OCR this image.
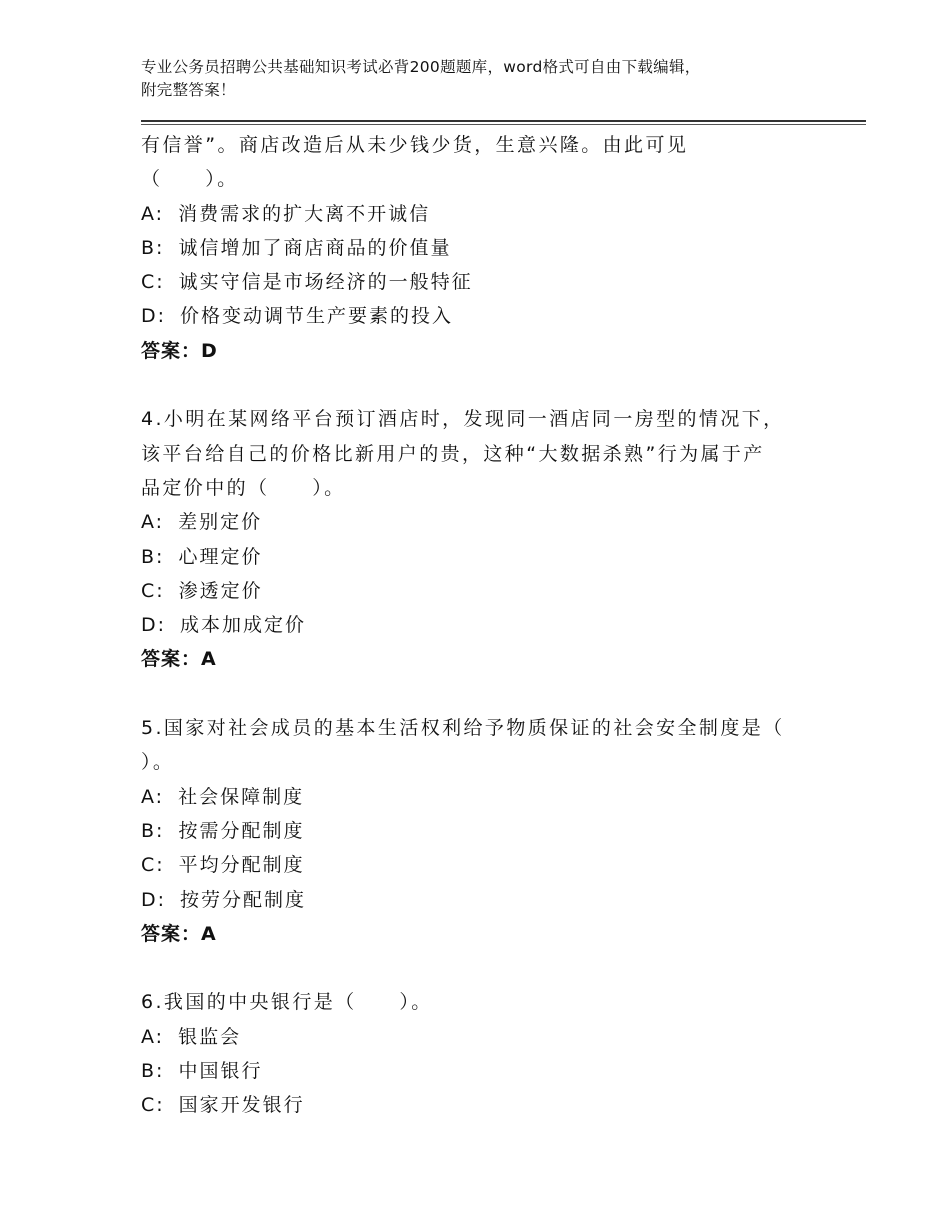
专业公务员招聘公共基础知识考试必背200题题库，word格式可自由下载编辑，
附完整答案！
有信誉”。商店改造后从未少钱少货，生意兴隆。由此可见
（　　）。
A: 消费需求的扩大离不开诚信
B: 诚信增加了商店商品的价值量
C: 诚实守信是市场经济的一般特征
D: 价格变动调节生产要素的投入
答案：D
4.小明在某网络平台预订酒店时，发现同一酒店同一房型的情况下，
该平台给自己的价格比新用户的贵，这种“大数据杀熟”行为属于产
品定价中的（　　）。
A: 差别定价
B: 心理定价
C: 渗透定价
D: 成本加成定价
答案：A
5.国家对社会成员的基本生活权利给予物质保证的社会安全制度是（
）。
A: 社会保障制度
B: 按需分配制度
C: 平均分配制度
D: 按劳分配制度
答案：A
6.我国的中央银行是（　　）。
A: 银监会
B: 中国银行
C: 国家开发银行
